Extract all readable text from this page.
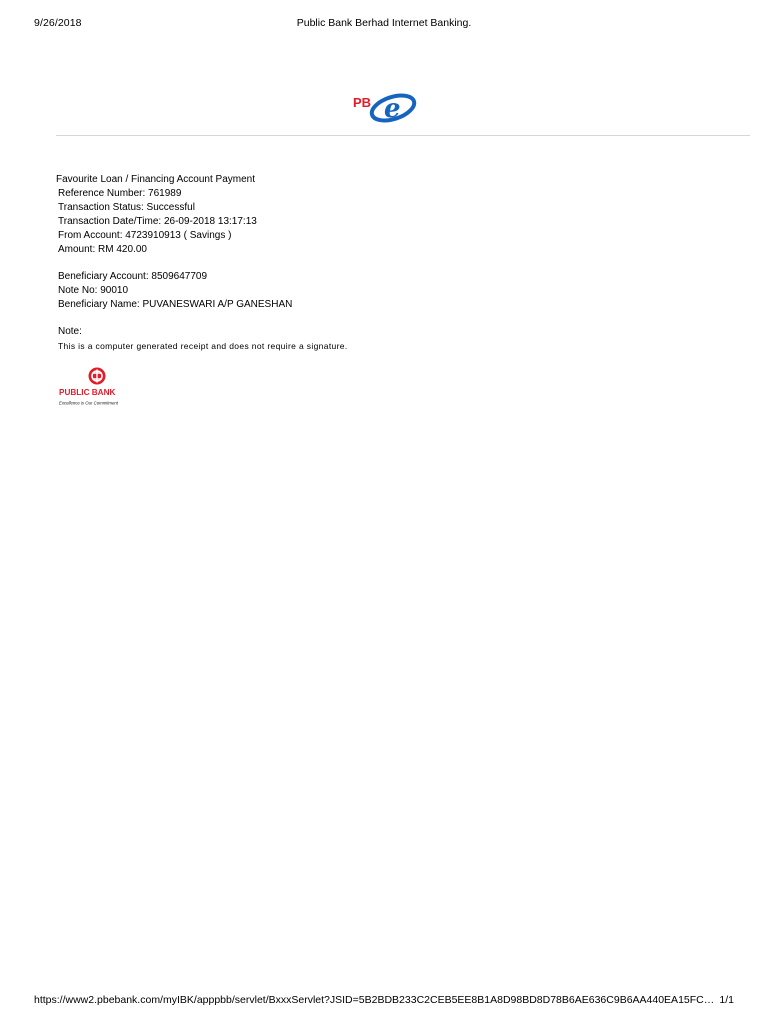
9/26/2018	Public Bank Berhad Internet Banking.
PB e
Favourite Loan / Financing Account Payment
Reference Number: 761989
Transaction Status: Successful
Transaction Date/Time: 26-09-2018 13:17:13
From Account: 4723910913 ( Savings )
Amount: RM 420.00
Beneficiary Account: 8509647709
Note No: 90010
Beneficiary Name: PUVANESWARI A/P GANESHAN
Note:
This is a computer generated receipt and does not require a signature.
PUBLIC BANK
Excellence is Our Commitment
https://www2.pbebank.com/myIBK/apppbb/servlet/BxxxServlet?JSID=5B2BDB233C2CEB5EE8B1A8D98BD8D78B6AE636C9B6AA440EA15FC… 1/1
